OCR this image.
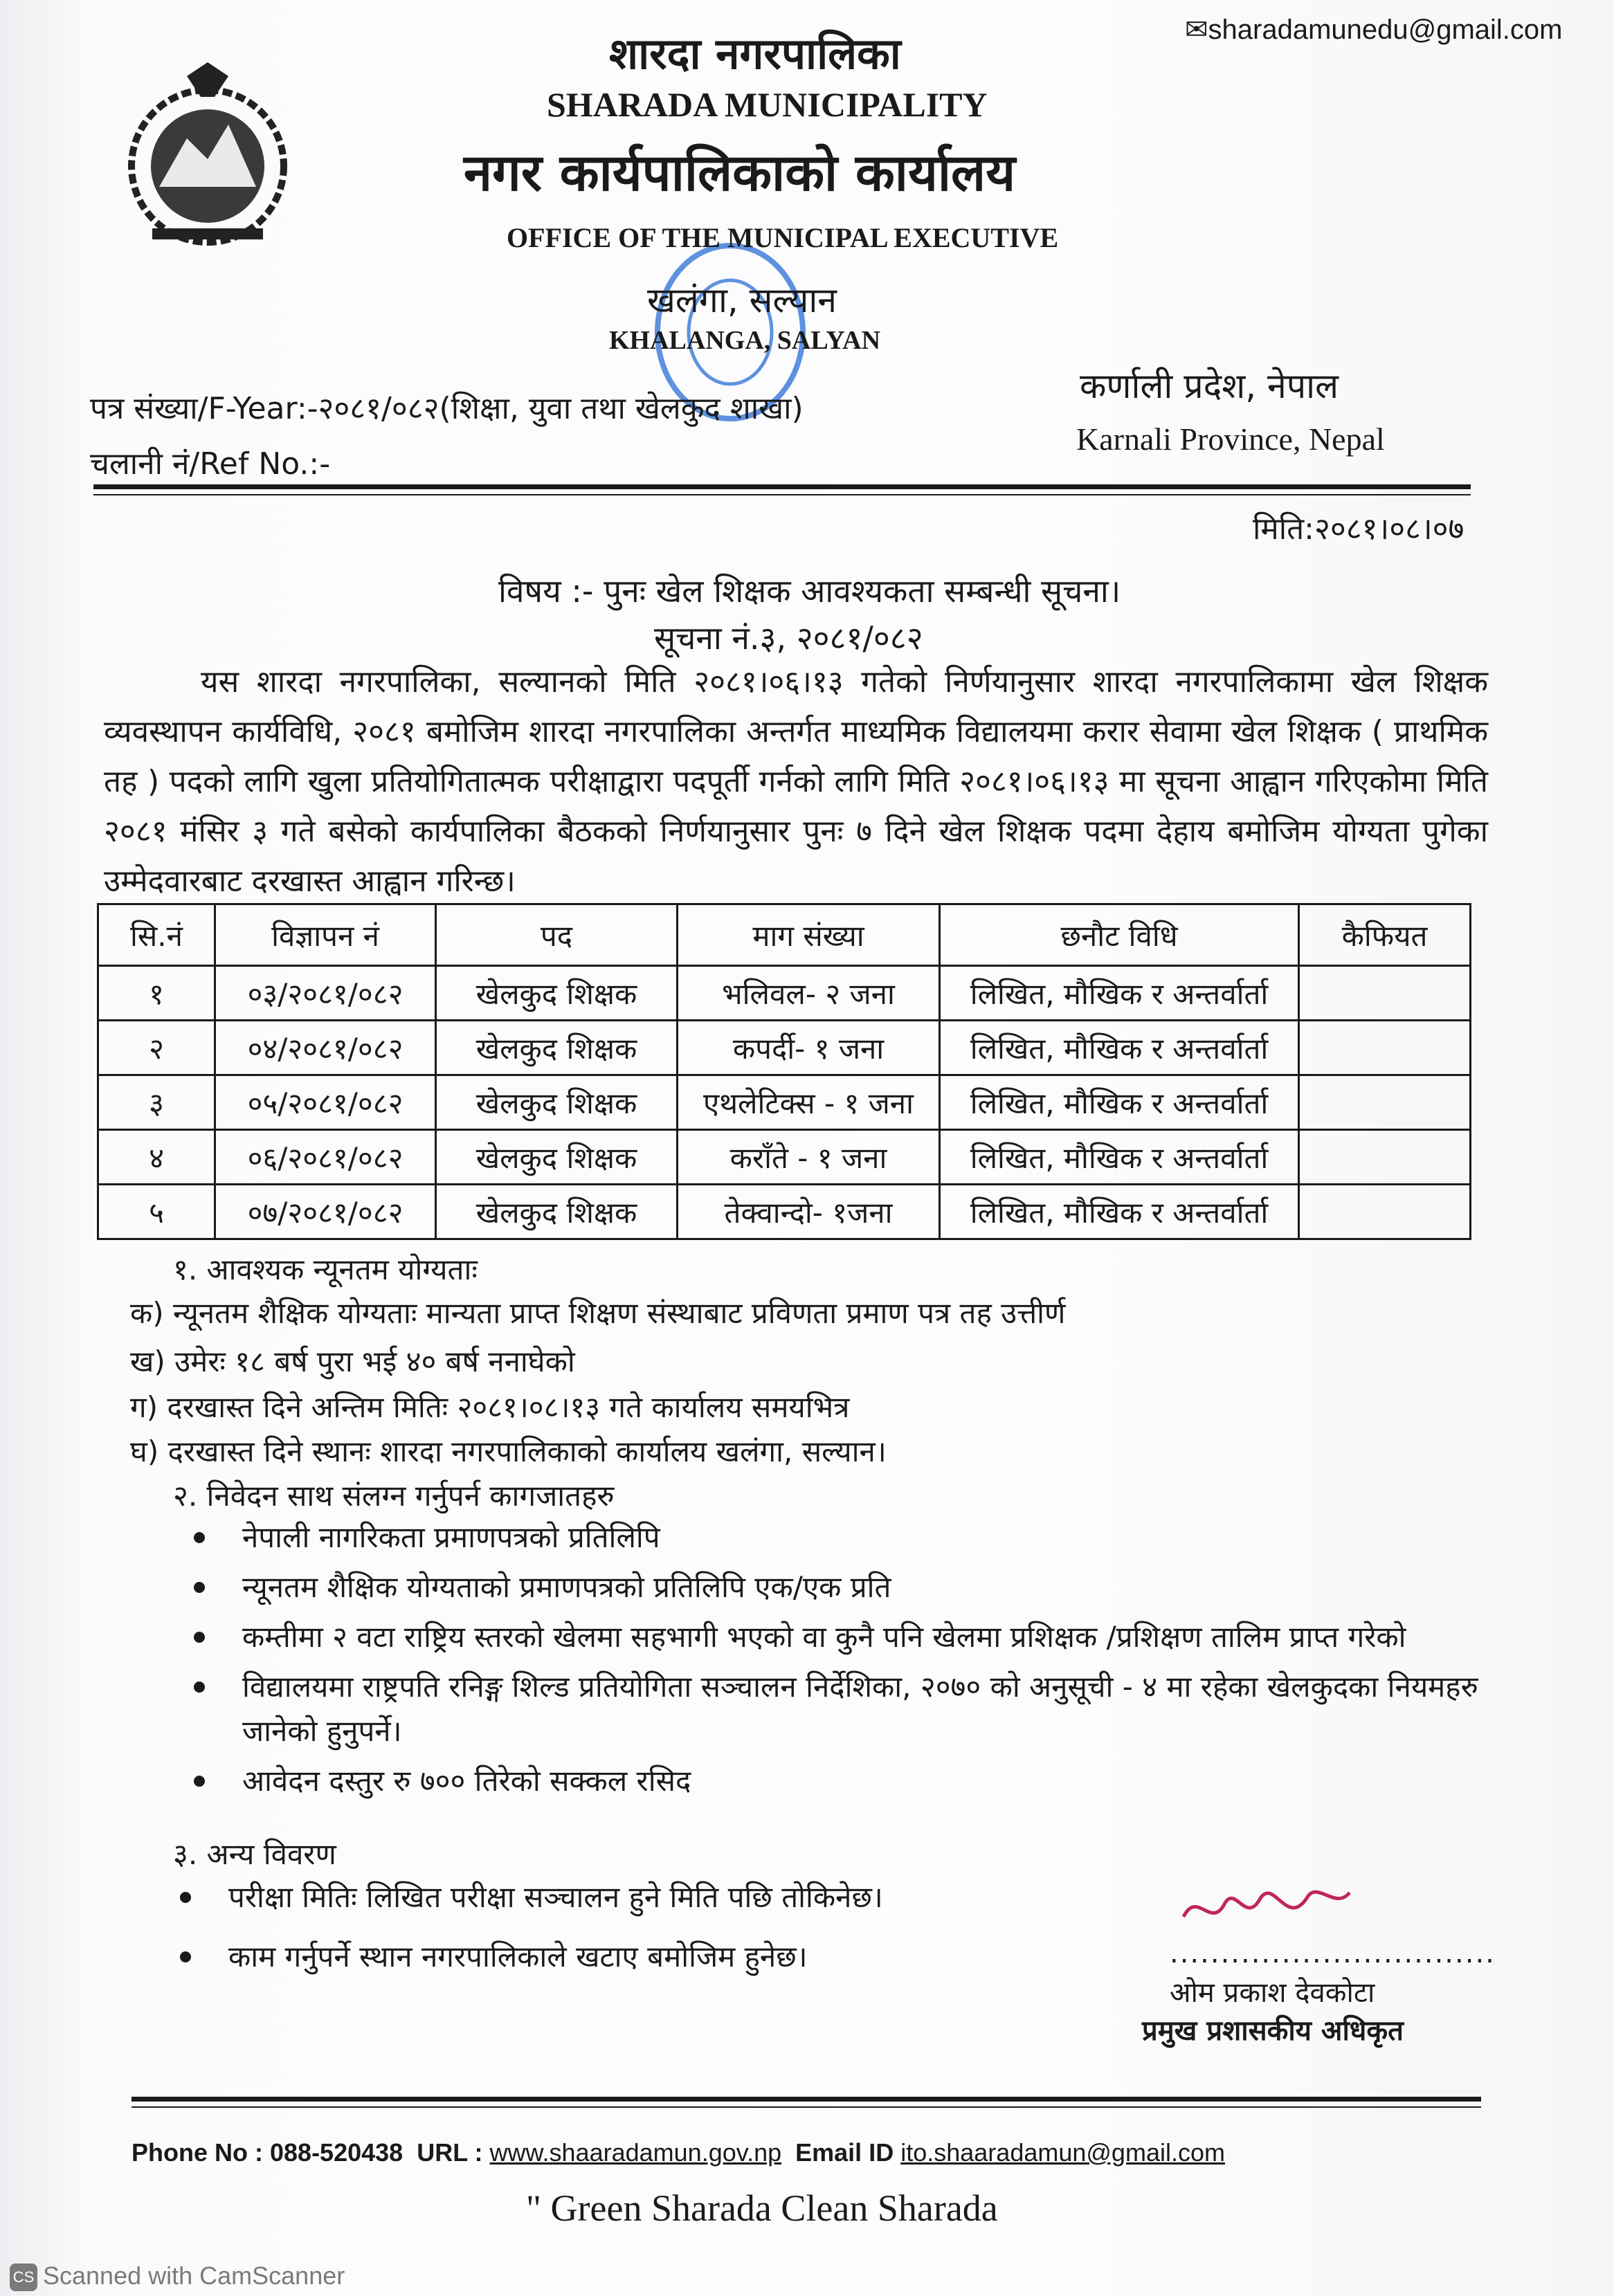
✉sharadamunedu@gmail.com
शारदा नगरपालिका
SHARADA MUNICIPALITY
नगर कार्यपालिकाको कार्यालय
OFFICE OF THE MUNICIPAL EXECUTIVE
खलंगा, सल्यान
KHALANGA, SALYAN
पत्र संख्या/F-Year:-२०८१/०८२(शिक्षा, युवा तथा खेलकुद शाखा)
चलानी नं/Ref No.:-
कर्णाली प्रदेश, नेपाल
Karnali Province, Nepal
मिति:२०८१।०८।०७
विषय :- पुनः खेल शिक्षक आवश्यकता सम्बन्धी सूचना।
सूचना नं.३, २०८१/०८२
यस शारदा नगरपालिका, सल्यानको मिति २०८१।०६।१३ गतेको निर्णयानुसार शारदा नगरपालिकामा खेल शिक्षक व्यवस्थापन कार्यविधि, २०८१ बमोजिम शारदा नगरपालिका अन्तर्गत माध्यमिक विद्यालयमा करार सेवामा खेल शिक्षक ( प्राथमिक तह ) पदको लागि खुला प्रतियोगितात्मक परीक्षाद्वारा पदपूर्ती गर्नको लागि मिति २०८१।०६।१३ मा सूचना आह्वान गरिएकोमा मिति २०८१ मंसिर ३ गते बसेको कार्यपालिका बैठकको निर्णयानुसार पुनः ७ दिने खेल शिक्षक पदमा देहाय बमोजिम योग्यता पुगेका उम्मेदवारबाट दरखास्त आह्वान गरिन्छ।
सि.नं	विज्ञापन नं	पद	माग संख्या	छनौट विधि	कैफियत
१	०३/२०८१/०८२	खेलकुद शिक्षक	भलिवल- २ जना	लिखित, मौखिक र अन्तर्वार्ता	
२	०४/२०८१/०८२	खेलकुद शिक्षक	कपर्दी- १ जना	लिखित, मौखिक र अन्तर्वार्ता	
३	०५/२०८१/०८२	खेलकुद शिक्षक	एथलेटिक्स - १ जना	लिखित, मौखिक र अन्तर्वार्ता	
४	०६/२०८१/०८२	खेलकुद शिक्षक	कराँते - १ जना	लिखित, मौखिक र अन्तर्वार्ता	
५	०७/२०८१/०८२	खेलकुद शिक्षक	तेक्वान्दो- १जना	लिखित, मौखिक र अन्तर्वार्ता	
१. आवश्यक न्यूनतम योग्यताः
क) न्यूनतम शैक्षिक योग्यताः मान्यता प्राप्त शिक्षण संस्थाबाट प्रविणता प्रमाण पत्र तह उत्तीर्ण
ख) उमेरः १८ बर्ष पुरा भई ४० बर्ष ननाघेको
ग) दरखास्त दिने अन्तिम मितिः २०८१।०८।१३ गते कार्यालय समयभित्र
घ) दरखास्त दिने स्थानः शारदा नगरपालिकाको कार्यालय खलंगा, सल्यान।
२. निवेदन साथ संलग्न गर्नुपर्न कागजातहरु
नेपाली नागरिकता प्रमाणपत्रको प्रतिलिपि
न्यूनतम शैक्षिक योग्यताको प्रमाणपत्रको प्रतिलिपि एक/एक प्रति
कम्तीमा २ वटा राष्ट्रिय स्तरको खेलमा सहभागी भएको वा कुनै पनि खेलमा प्रशिक्षक /प्रशिक्षण तालिम प्राप्त गरेको
विद्यालयमा राष्ट्रपति रनिङ्ग शिल्ड प्रतियोगिता सञ्चालन निर्देशिका, २०७० को अनुसूची - ४ मा रहेका खेलकुदका नियमहरु जानेको हुनुपर्ने।
आवेदन दस्तुर रु ७०० तिरेको सक्कल रसिद
३. अन्य विवरण
परीक्षा मितिः लिखित परीक्षा सञ्चालन हुने मिति पछि तोकिनेछ।
काम गर्नुपर्ने स्थान नगरपालिकाले खटाए बमोजिम हुनेछ।	................................
ओम प्रकाश देवकोटा
प्रमुख प्रशासकीय अधिकृत
Phone No : 088-520438 URL : www.shaaradamun.gov.np Email ID ito.shaaradamun@gmail.com
" Green Sharada Clean Sharada
CS Scanned with CamScanner
